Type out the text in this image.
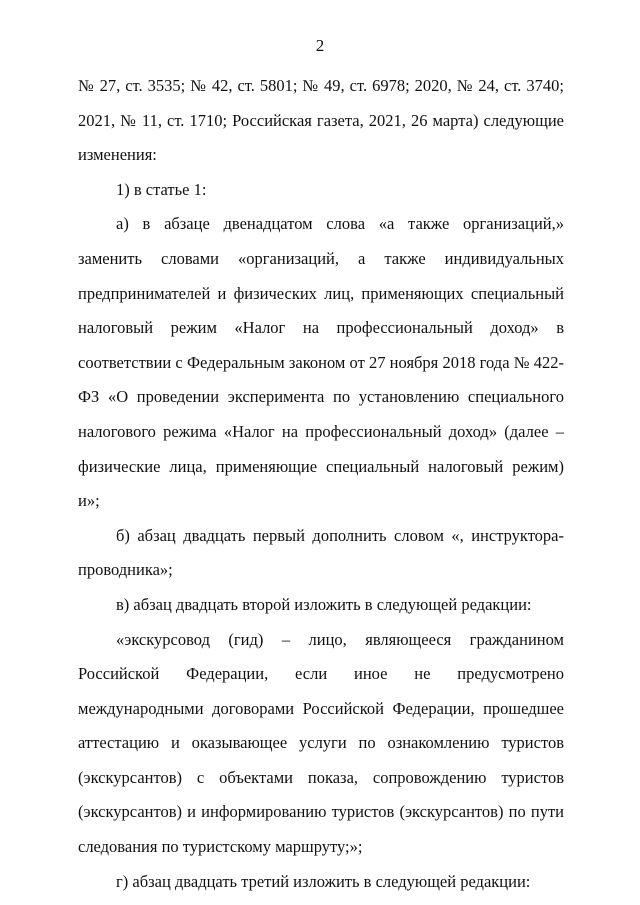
2

№ 27, ст. 3535; № 42, ст. 5801; № 49, ст. 6978; 2020, № 24, ст. 3740; 2021, № 11, ст. 1710; Российская газета, 2021, 26 марта) следующие изменения:

1) в статье 1:

а) в абзаце двенадцатом слова «а также организаций,» заменить словами «организаций, а также индивидуальных предпринимателей и физических лиц, применяющих специальный налоговый режим «Налог на профессиональный доход» в соответствии с Федеральным законом от 27 ноября 2018 года № 422-ФЗ «О проведении эксперимента по установлению специального налогового режима «Налог на профессиональный доход» (далее – физические лица, применяющие специальный налоговый режим) и»;

б) абзац двадцать первый дополнить словом «, инструктора-проводника»;

в) абзац двадцать второй изложить в следующей редакции:

«экскурсовод (гид) – лицо, являющееся гражданином Российской Федерации, если иное не предусмотрено международными договорами Российской Федерации, прошедшее аттестацию и оказывающее услуги по ознакомлению туристов (экскурсантов) с объектами показа, сопровождению туристов (экскурсантов) и информированию туристов (экскурсантов) по пути следования по туристскому маршруту;»;

г) абзац двадцать третий изложить в следующей редакции:
